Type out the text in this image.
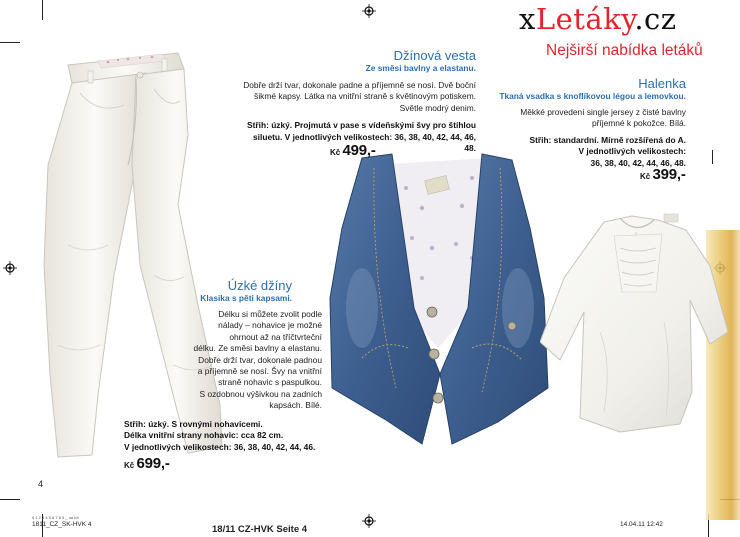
xLetáky.cz
Nejširší nabídka letáků
Džínová vesta
Ze směsi bavlny a elastanu.
Dobře drží tvar, dokonale padne a příjemně se nosí. Dvě boční
šikmé kapsy. Látka na vnitřní straně s květinovým potiskem.
Světle modrý denim.
Střih: úzký. Projmutá v pase s vídeňskými švy pro štíhlou
siluetu. V jednotlivých velikostech: 36, 38, 40, 42, 44, 46, 48.
Kč 499,-
Halenka
Tkaná vsadka s knoflíkovou légou a lemovkou.
Měkké provedení single jersey z čisté bavlny
příjemné k pokožce. Bílá.
Střih: standardní. Mírně rozšířená do A.
V jednotlivých velikostech:
36, 38, 40, 42, 44, 46, 48.
Kč 399,-
Úzké džíny
Klasika s pěti kapsami.
Délku si můžete zvolit podle
nálady – nohavice je možné
ohrnout až na tříčtvrteční
délku. Ze směsi bavlny a elastanu.
Dobře drží tvar, dokonale padnou
a příjemně se nosí. Švy na vnitřní
straně nohavic s paspulkou.
S ozdobnou výšivkou na zadních
kapsách. Bílé.
Střih: úzký. S rovnými nohavicemi.
Délka vnitřní strany nohavic: cca 82 cm.
V jednotlivých velikostech: 36, 38, 40, 42, 44, 46.
Kč 699,-
4
0 1 2 3 4 5 6 7 8 9 _ ua b4
1811_CZ_SK-HVK 4	18/11 CZ-HVK Seite 4	14.04.11 12:42
